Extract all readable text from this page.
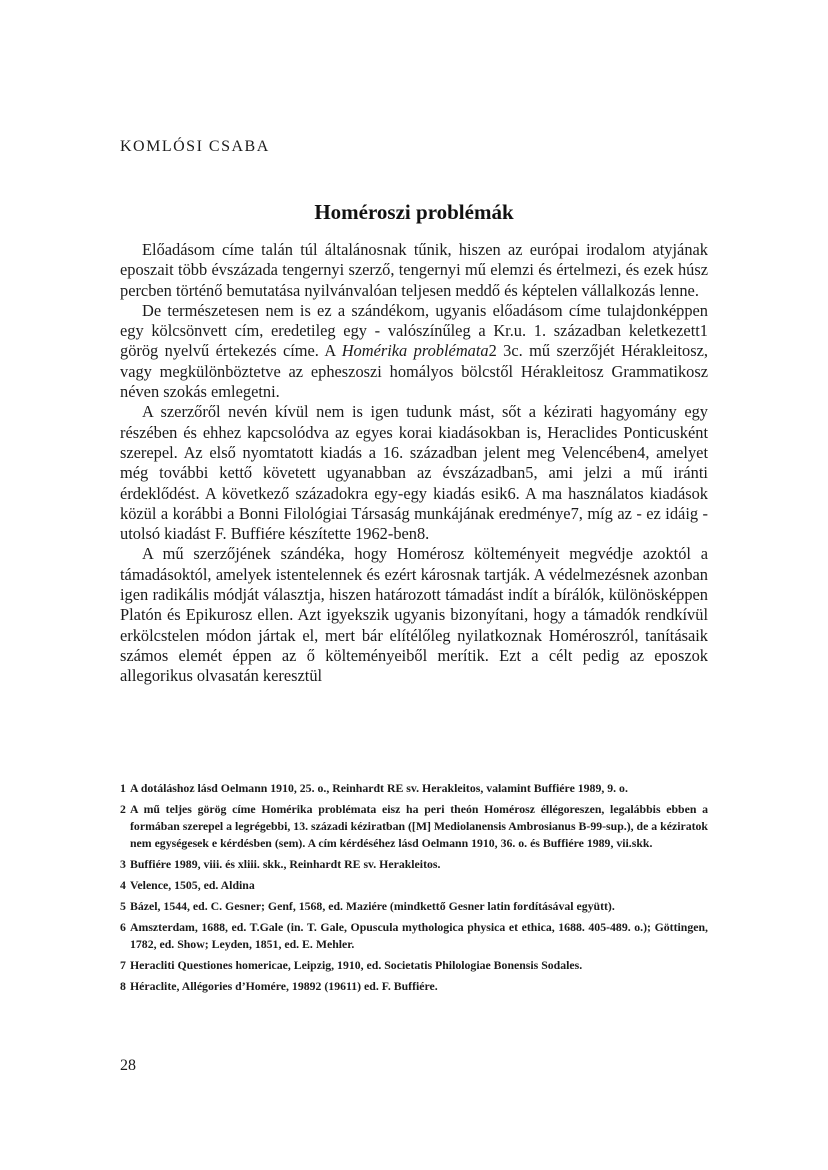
KOMLÓSI CSABA
Homéroszi problémák

Előadásom címe talán túl általánosnak tűnik, hiszen az európai irodalom atyjának eposzait több évszázada tengernyi szerző, tengernyi mű elemzi és értelmezi, és ezek húsz percben történő bemutatása nyilvánvalóan teljesen meddő és képtelen vállalkozás lenne.

De természetesen nem is ez a szándékom, ugyanis előadásom címe tulajdonképpen egy kölcsönvett cím, eredetileg egy - valószínűleg a Kr.u. 1. században keletkezett1 görög nyelvű értekezés címe. A Homérika problémata2 3c. mű szerzőjét Hérakleitosz, vagy megkülönböztetve az epheszoszi homályos bölcstől Hérakleitosz Grammatikosz néven szokás emlegetni.

A szerzőről nevén kívül nem is igen tudunk mást, sőt a kézirati hagyomány egy részében és ehhez kapcsolódva az egyes korai kiadásokban is, Heraclides Ponticusként szerepel. Az első nyomtatott kiadás a 16. században jelent meg Velencében4, amelyet még további kettő követett ugyanabban az évszázadban5, ami jelzi a mű iránti érdeklődést. A következő századokra egy-egy kiadás esik6. A ma használatos kiadások közül a korábbi a Bonni Filológiai Társaság munkájának eredménye7, míg az - ez idáig - utolsó kiadást F. Buffiére készítette 1962-ben8.

A mű szerzőjének szándéka, hogy Homérosz költeményeit megvédje azoktól a támadásoktól, amelyek istentelennek és ezért károsnak tartják. A védelmezésnek azonban igen radikális módját választja, hiszen határozott támadást indít a bírálók, különösképpen Platón és Epikurosz ellen. Azt igyekszik ugyanis bizonyítani, hogy a támadók rendkívül erkölcstelen módon jártak el, mert bár elítélőleg nyilatkoznak Homéroszról, tanításaik számos elemét éppen az ő költeményeiből merítik. Ezt a célt pedig az eposzok allegorikus olvasatán keresztül

1 A dotáláshoz lásd Oelmann 1910, 25. o., Reinhardt RE sv. Herakleitos, valamint Buffiére 1989, 9. o.
2 A mű teljes görög címe Homérika problémata eisz ha peri theón Homérosz éllégoreszen, legalábbis ebben a formában szerepel a legrégebbi, 13. századi kéziratban ([M] Mediolanensis Ambrosianus B-99-sup.), de a kéziratok nem egységesek e kérdésben (sem). A cím kérdéséhez lásd Oelmann 1910, 36. o. és Buffiére 1989, vii.skk.
3 Buffiére 1989, viii. és xliii. skk., Reinhardt RE sv. Herakleitos.
4 Velence, 1505, ed. Aldina
5 Bázel, 1544, ed. C. Gesner; Genf, 1568, ed. Maziére (mindkettő Gesner latin fordításával együtt).
6 Amszterdam, 1688, ed. T.Gale (in. T. Gale, Opuscula mythologica physica et ethica, 1688. 405-489. o.); Göttingen, 1782, ed. Show; Leyden, 1851, ed. E. Mehler.
7 Heracliti Questiones homericae, Leipzig, 1910, ed. Societatis Philologiae Bonensis Sodales.
8 Héraclite, Allégories d’Homére, 19892 (19611) ed. F. Buffiére.
28
